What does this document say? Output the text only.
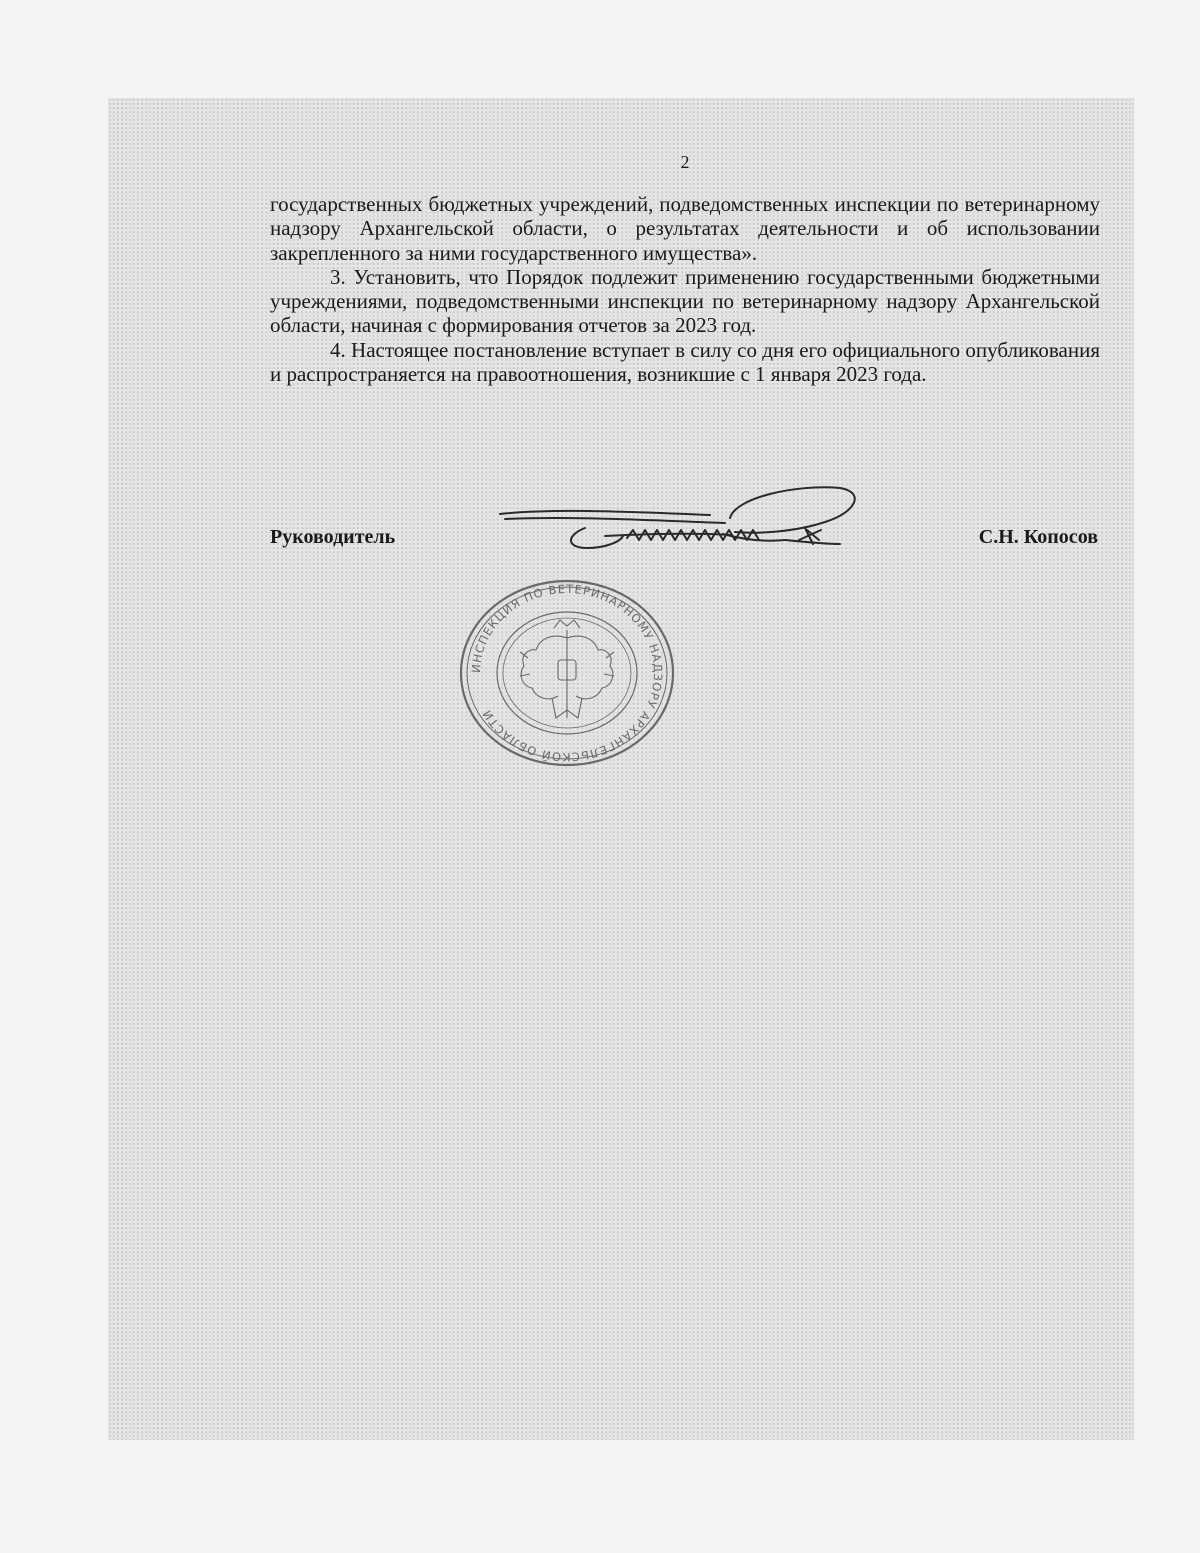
2

государственных бюджетных учреждений, подведомственных инспекции по ветеринарному надзору Архангельской области, о результатах деятельности и об использовании закрепленного за ними государственного имущества».

3. Установить, что Порядок подлежит применению государственными бюджетными учреждениями, подведомственными инспекции по ветеринарному надзору Архангельской области, начиная с формирования отчетов за 2023 год.

4. Настоящее постановление вступает в силу со дня его официального опубликования и распространяется на правоотношения, возникшие с 1 января 2023 года.

Руководитель	С.Н. Копосов
ИНСПЕКЦИЯ ПО ВЕТЕРИНАРНОМУ НАДЗОРУ АРХАНГЕЛЬСКОЙ ОБЛАСТИ
